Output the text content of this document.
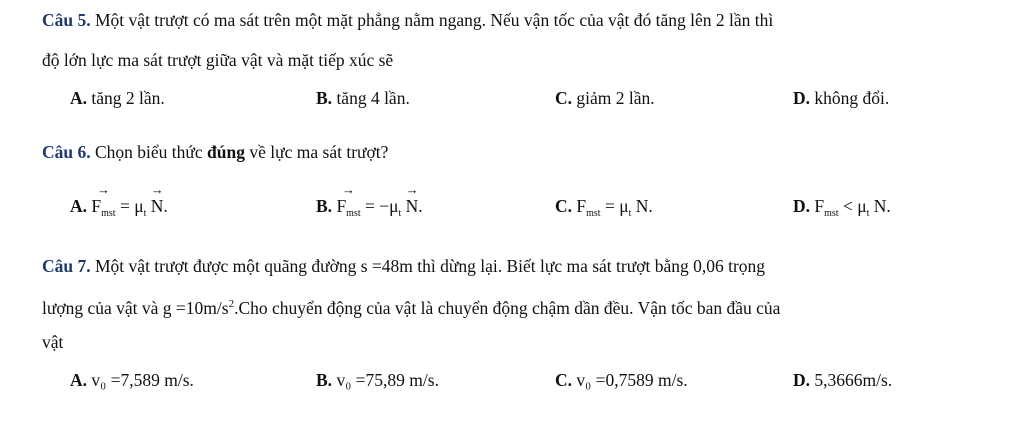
Câu 5. Một vật trượt có ma sát trên một mặt phẳng nằm ngang. Nếu vận tốc của vật đó tăng lên 2 lần thì
độ lớn lực ma sát trượt giữa vật và mặt tiếp xúc sẽ
A. tăng 2 lần.	B. tăng 4 lần.	C. giảm 2 lần.	D. không đổi.
Câu 6. Chọn biểu thức đúng về lực ma sát trượt?
A.
→
$F_{mst} = \mu_t$
→
N.	B.
→
$F_{mst} = -\mu_t$
→
N.	C. $F_{mst} = \mu_t$ N.	D. $F_{mst} < \mu_t$ N.
Câu 7. Một vật trượt được một quãng đường s =48m thì dừng lại. Biết lực ma sát trượt bằng 0,06 trọng
lượng của vật và $g =10m/s^2.Cho$ chuyển động của vật là chuyển động chậm dần đều. Vận tốc ban đầu của
vật
A. v₀ =7,589 m/s.	B. v₀ =75,89 m/s.	C. v₀ =0,7589 m/s.	D. 5,3666m/s.
